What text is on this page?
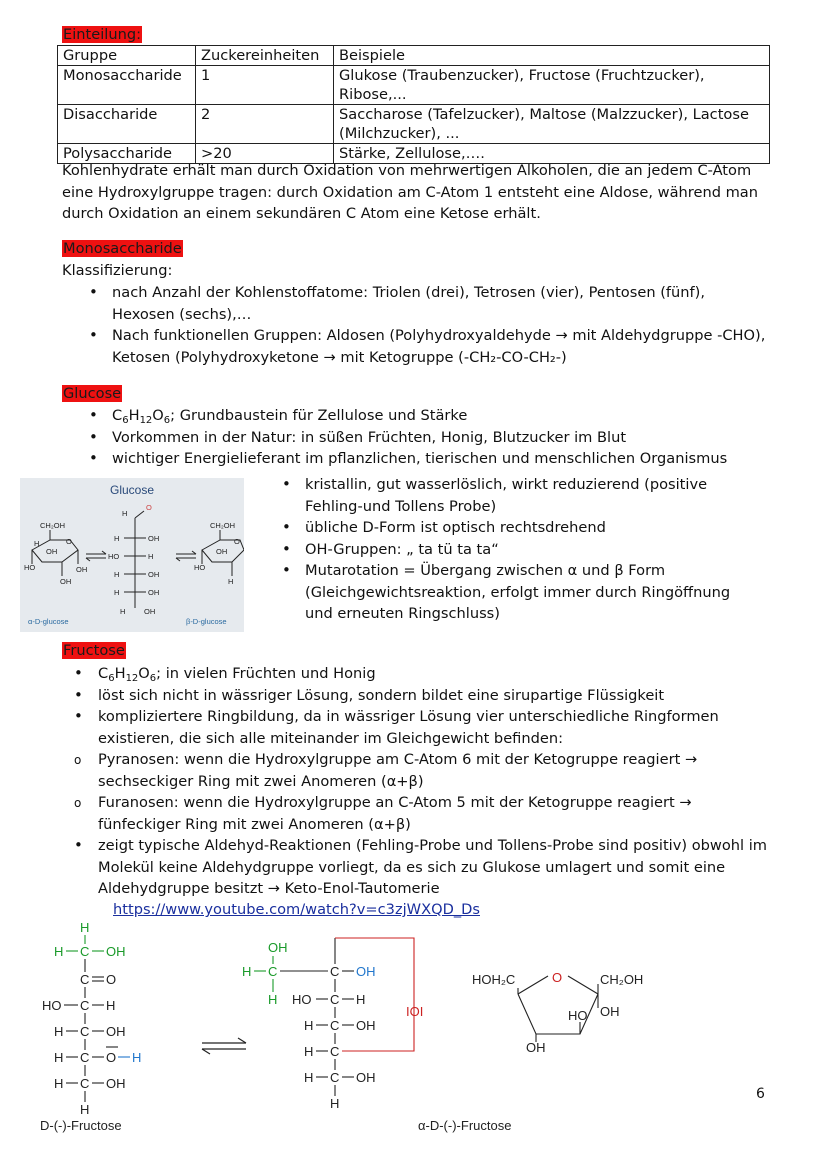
Einteilung:
Gruppe	Zuckereinheiten	Beispiele
Monosaccharide	1	Glukose (Traubenzucker), Fructose (Fruchtzucker), Ribose,...
Disaccharide	2	Saccharose (Tafelzucker), Maltose (Malzzucker), Lactose (Milchzucker), ...
Polysaccharide	>20	Stärke, Zellulose,….
Kohlenhydrate erhält man durch Oxidation von mehrwertigen Alkoholen, die an jedem C-Atom eine Hydroxylgruppe tragen: durch Oxidation am C-Atom 1 entsteht eine Aldose, während man durch Oxidation an einem sekundären C Atom eine Ketose erhält.
Monosaccharide
Klassifizierung:
• nach Anzahl der Kohlenstoffatome: Triolen (drei), Tetrosen (vier), Pentosen (fünf), Hexosen (sechs),…
• Nach funktionellen Gruppen: Aldosen (Polyhydroxyaldehyde → mit Aldehydgruppe -CHO), Ketosen (Polyhydroxyketone → mit Ketogruppe (-CH₂-CO-CH₂-)
Glucose
• $C_6H_{12}O_6$; Grundbaustein für Zellulose und Stärke
• Vorkommen in der Natur: in süßen Früchten, Honig, Blutzucker im Blut
• wichtiger Energielieferant im pflanzlichen, tierischen und menschlichen Organismus
Glucose
CH₂OH
O
HO
OH
OH
OH
H
H
O
H	OH
HO	H
H	OH
H	OH
H OH
CH₂OH
O
HO
OH
H
α-D-glucose	β-D-glucose
• kristallin, gut wasserlöslich, wirkt reduzierend (positive Fehling-und Tollens Probe)
• übliche D-Form ist optisch rechtsdrehend
• OH-Gruppen: „ ta tü ta ta“
• Mutarotation = Übergang zwischen α und β Form (Gleichgewichtsreaktion, erfolgt immer durch Ringöffnung und erneuten Ringschluss)
Fructose
• $C_6H_{12}O_6$; in vielen Früchten und Honig
• löst sich nicht in wässriger Lösung, sondern bildet eine sirupartige Flüssigkeit
• kompliziertere Ringbildung, da in wässriger Lösung vier unterschiedliche Ringformen existieren, die sich alle miteinander im Gleichgewicht befinden:
o Pyranosen: wenn die Hydroxylgruppe am C-Atom 6 mit der Ketogruppe reagiert → sechseckiger Ring mit zwei Anomeren (α+β)
o Furanosen: wenn die Hydroxylgruppe an C-Atom 5 mit der Ketogruppe reagiert → fünfeckiger Ring mit zwei Anomeren (α+β)
• zeigt typische Aldehyd-Reaktionen (Fehling-Probe und Tollens-Probe sind positiv) obwohl im Molekül keine Aldehydgruppe vorliegt, da es sich zu Glukose umlagert und somit eine Aldehydgruppe besitzt → Keto-Enol-Tautomerie
https://www.youtube.com/watch?v=c3zjWXQD_Ds
H
H C OH
C O
HO C H
H C OH
H C O H
H C OH
H
D-(-)-Fructose
OH
H C
H
C OH
HO C H
H C OH
H C
H C OH
H
IOI
α-D-(-)-Fructose
HOH₂C	O	CH₂OH
HO OH
OH
6
